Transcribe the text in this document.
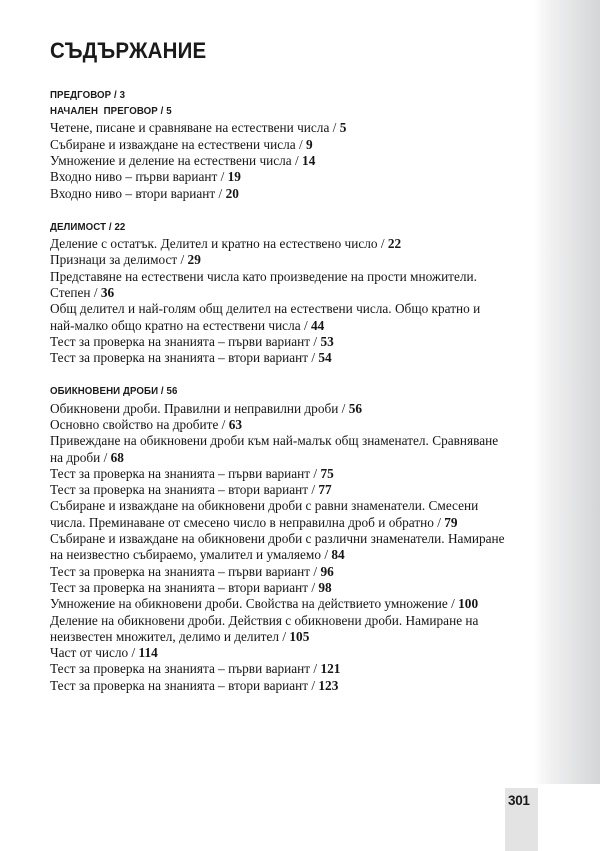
СЪДЪРЖАНИЕ
ПРЕДГОВОР / 3
НАЧАЛЕН  ПРЕГОВОР / 5
Четене, писане и сравняване на естествени числа / 5
Събиране и изваждане на естествени числа / 9
Умножение и деление на естествени числа / 14
Входно ниво – първи вариант / 19
Входно ниво – втори вариант / 20
ДЕЛИМОСТ / 22
Деление с остатък. Делител и кратно на естествено число / 22
Признаци за делимост / 29
Представяне на естествени числа като произведение на прости множители. Степен / 36
Общ делител и най-голям общ делител на естествени числа. Общо кратно и най-малко общо кратно на естествени числа / 44
Тест за проверка на знанията – първи вариант / 53
Тест за проверка на знанията – втори вариант / 54
ОБИКНОВЕНИ ДРОБИ / 56
Обикновени дроби. Правилни и неправилни дроби / 56
Основно свойство на дробите / 63
Привеждане на обикновени дроби към най-малък общ знаменател. Сравняване на дроби / 68
Тест за проверка на знанията – първи вариант / 75
Тест за проверка на знанията – втори вариант / 77
Събиране и изваждане на обикновени дроби с равни знаменатели. Смесени числа. Преминаване от смесено число в неправилна дроб и обратно / 79
Събиране и изваждане на обикновени дроби с различни знаменатели. Намиране на неизвестно събираемо, умалител и умаляемо / 84
Тест за проверка на знанията – първи вариант / 96
Тест за проверка на знанията – втори вариант / 98
Умножение на обикновени дроби. Свойства на действието умножение / 100
Деление на обикновени дроби. Действия с обикновени дроби. Намиране на неизвестен множител, делимо и делител / 105
Част от число / 114
Тест за проверка на знанията – първи вариант / 121
Тест за проверка на знанията – втори вариант / 123
301
